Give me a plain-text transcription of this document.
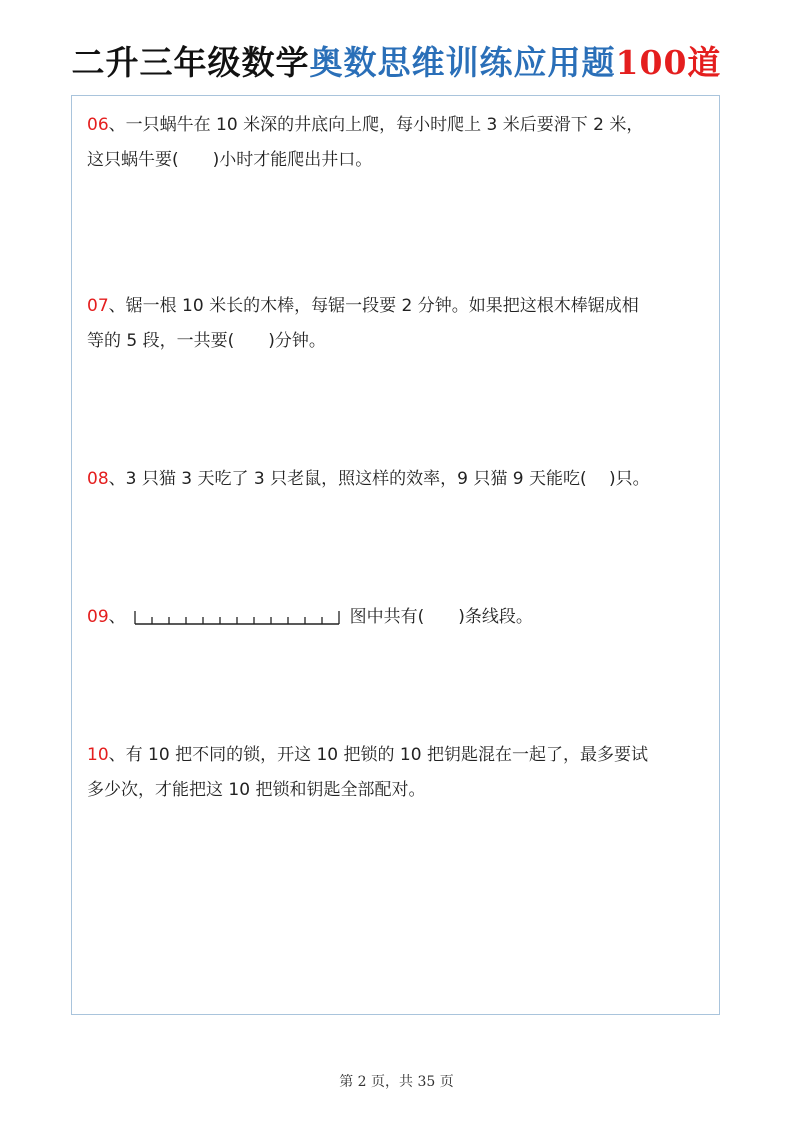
二升三年级数学奥数思维训练应用题100道
06、一只蜗牛在 10 米深的井底向上爬，每小时爬上 3 米后要滑下 2 米，
这只蜗牛要(　　)小时才能爬出井口。
07、锯一根 10 米长的木棒，每锯一段要 2 分钟。如果把这根木棒锯成相
等的 5 段，一共要(　　)分钟。
08、3 只猫 3 天吃了 3 只老鼠，照这样的效率，9 只猫 9 天能吃(　 )只。
09 、	图中共有(　　)条线段。
10、有 10 把不同的锁，开这 10 把锁的 10 把钥匙混在一起了，最多要试
多少次，才能把这 10 把锁和钥匙全部配对。
第 2 页，共 35 页
